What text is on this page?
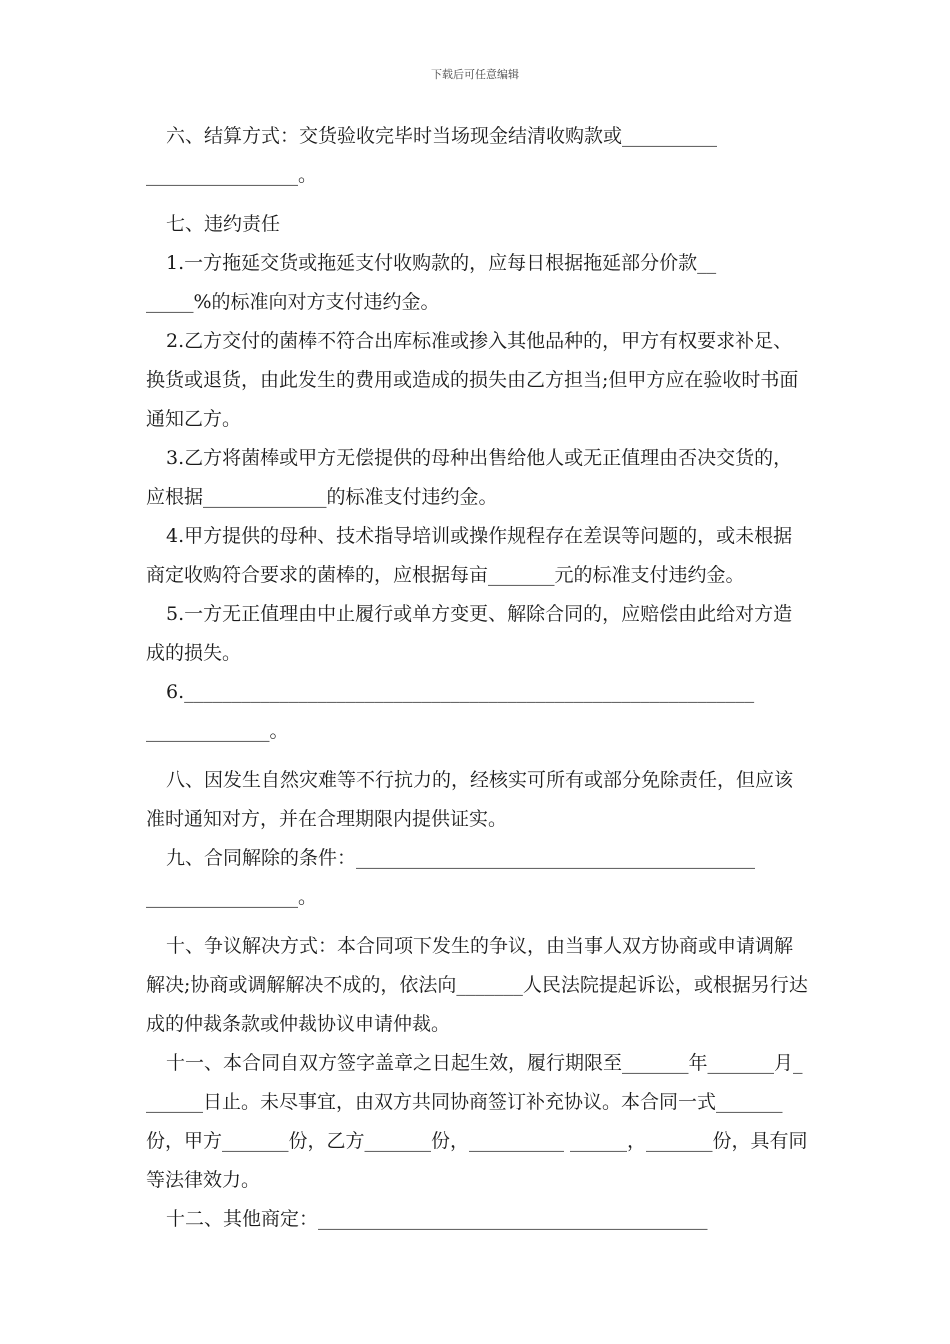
下载后可任意编辑

六、结算方式：交货验收完毕时当场现金结清收购款或__________

________________。

七、违约责任

1.一方拖延交货或拖延支付收购款的，应每日根据拖延部分价款__

_____%的标准向对方支付违约金。

2.乙方交付的菌棒不符合出库标准或掺入其他品种的，甲方有权要求补足、换货或退货，由此发生的费用或造成的损失由乙方担当;但甲方应在验收时书面通知乙方。

3.乙方将菌棒或甲方无偿提供的母种出售给他人或无正值理由否决交货的，应根据_____________的标准支付违约金。

4.甲方提供的母种、技术指导培训或操作规程存在差误等问题的，或未根据商定收购符合要求的菌棒的，应根据每亩_______元的标准支付违约金。

5.一方无正值理由中止履行或单方变更、解除合同的，应赔偿由此给对方造成的损失。

6.____________________________________________________________

_____________。

八、因发生自然灾难等不行抗力的，经核实可所有或部分免除责任，但应该准时通知对方，并在合理期限内提供证实。

九、合同解除的条件：__________________________________________

________________。

十、争议解决方式：本合同项下发生的争议，由当事人双方协商或申请调解解决;协商或调解解决不成的，依法向_______人民法院提起诉讼，或根据另行达成的仲裁条款或仲裁协议申请仲裁。

十一、本合同自双方签字盖章之日起生效，履行期限至_______年_______月_______日止。未尽事宜，由双方共同协商签订补充协议。本合同一式_______份，甲方_______份，乙方_______份，__________ ______，_______份，具有同等法律效力。

十二、其他商定：_________________________________________
